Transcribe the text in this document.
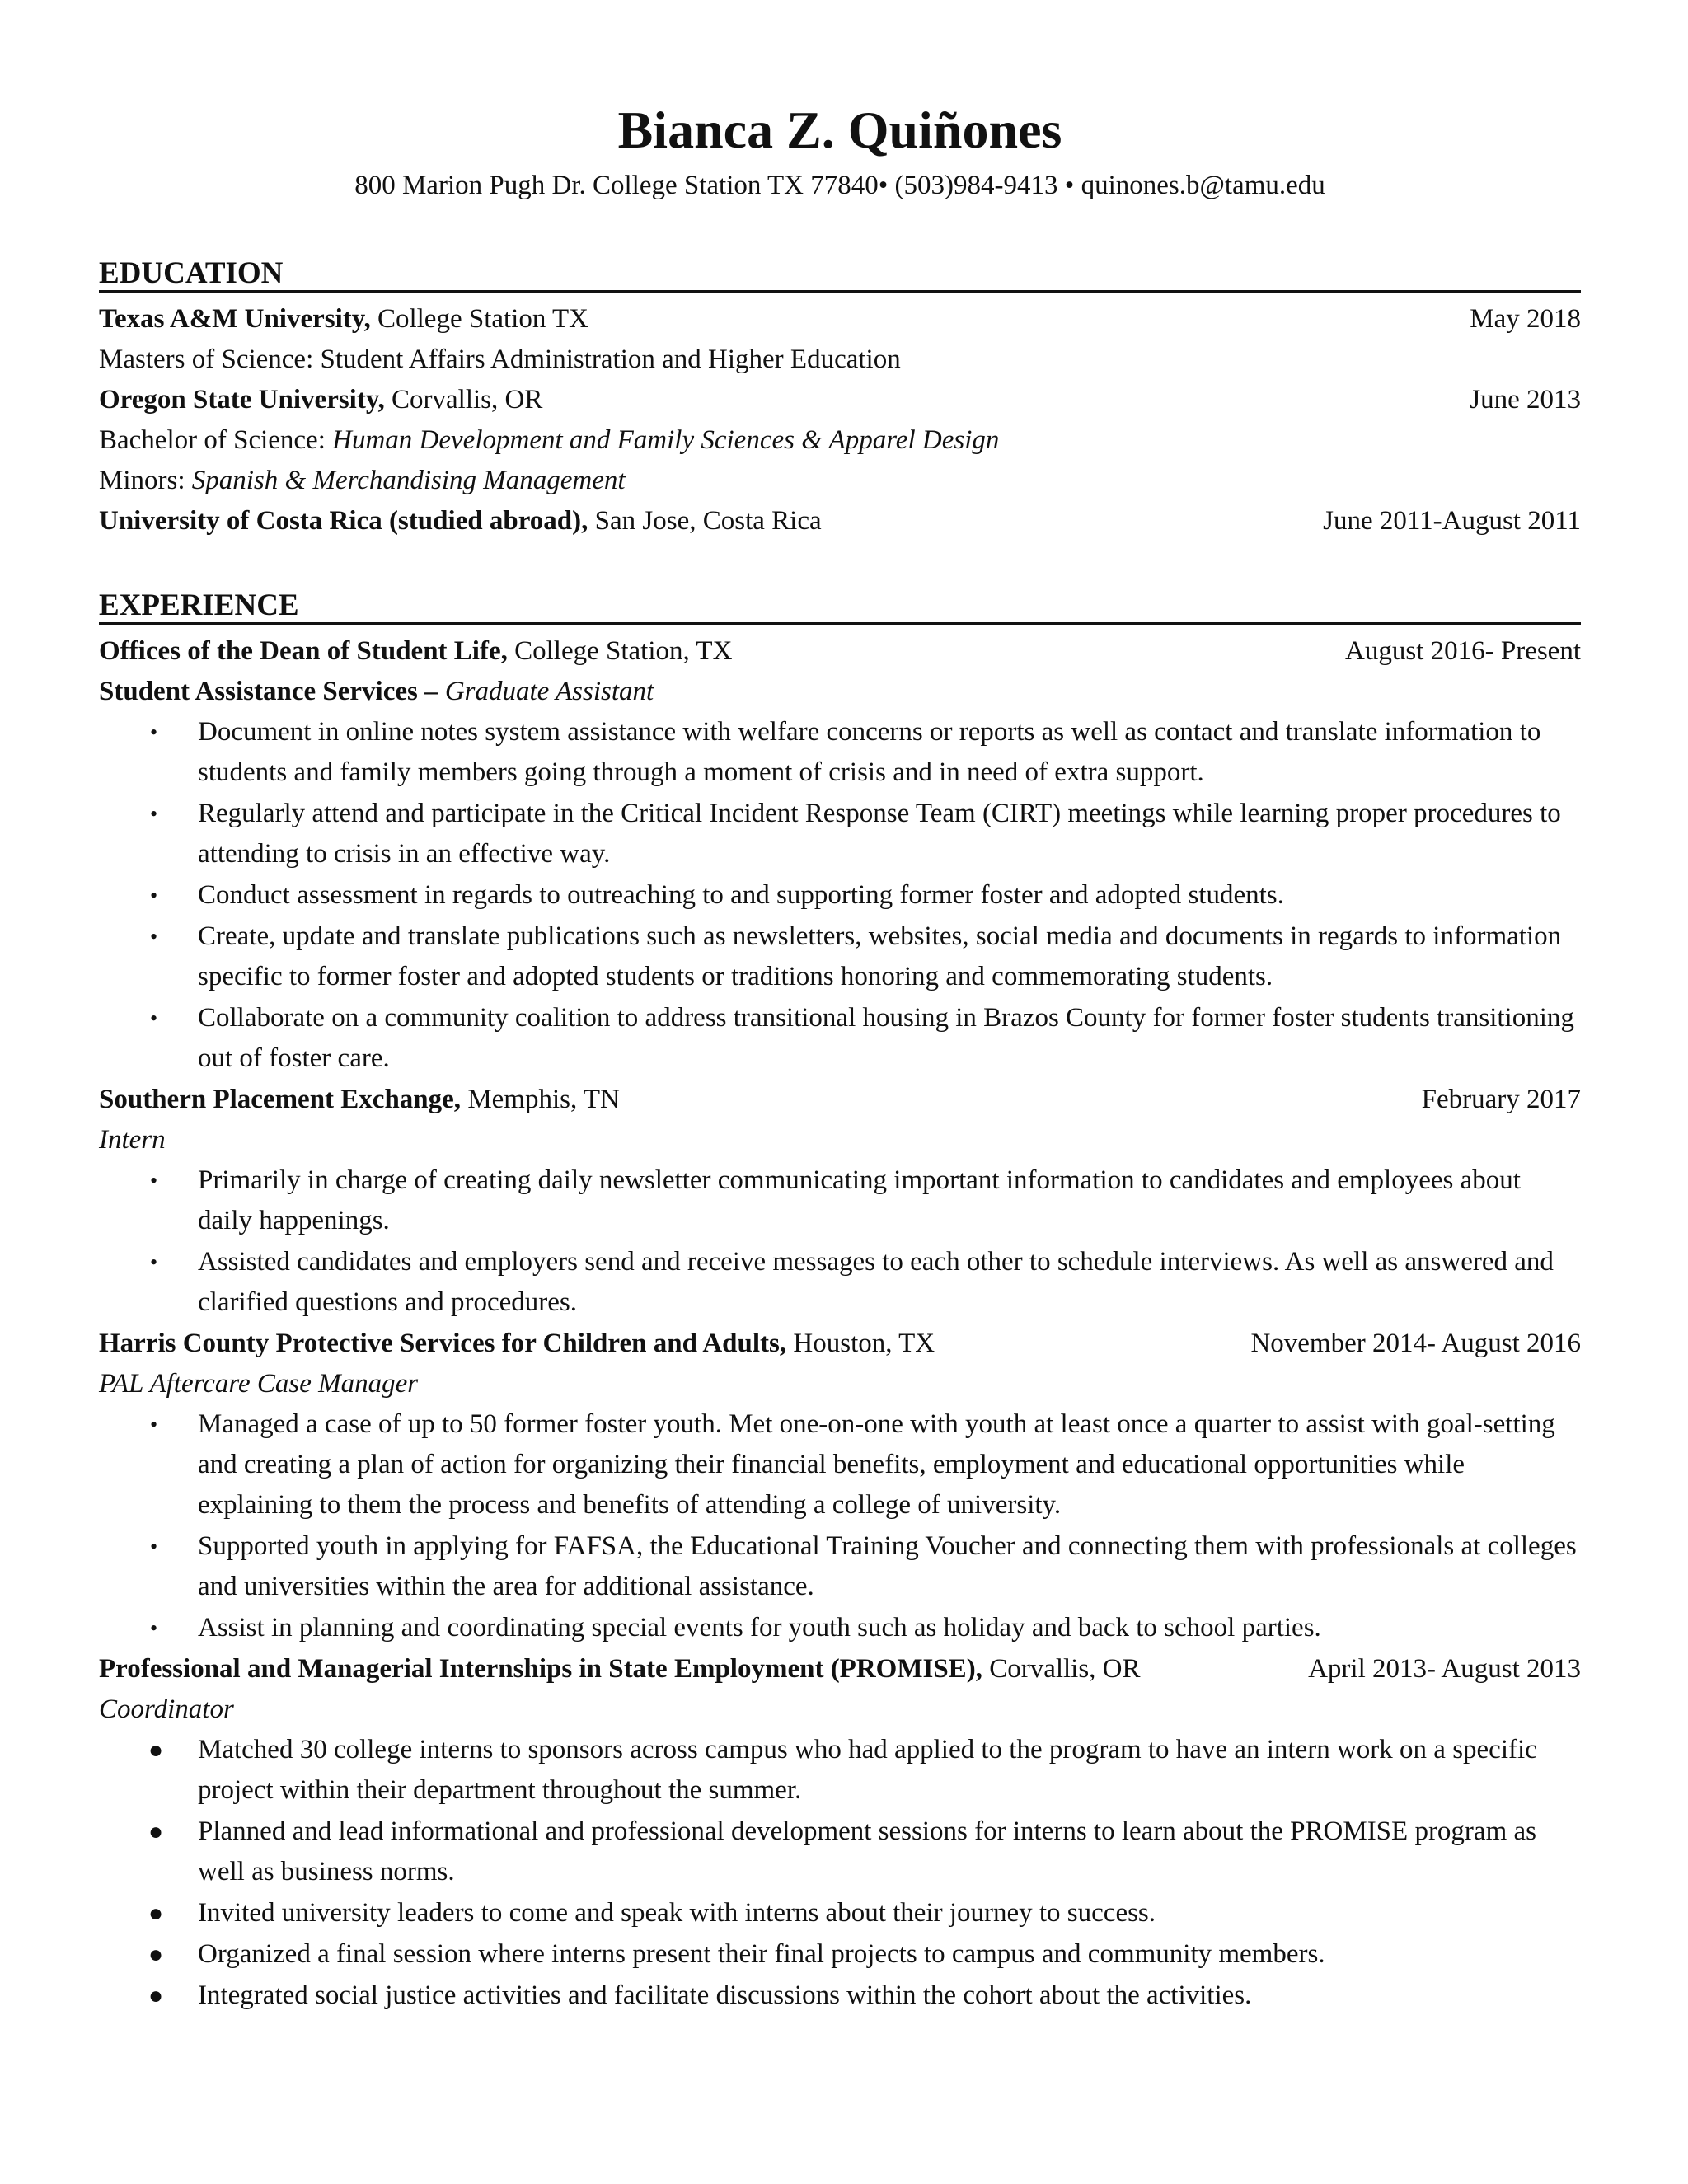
Bianca Z. Quiñones

800 Marion Pugh Dr. College Station TX 77840• (503)984-9413 • quinones.b@tamu.edu

EDUCATION
Texas A&M University, College Station TX	May 2018
Masters of Science: Student Affairs Administration and Higher Education
Oregon State University, Corvallis, OR	June 2013
Bachelor of Science: Human Development and Family Sciences & Apparel Design
Minors: Spanish & Merchandising Management
University of Costa Rica (studied abroad), San Jose, Costa Rica	June 2011-August 2011
EXPERIENCE
Offices of the Dean of Student Life, College Station, TX	August 2016- Present
Student Assistance Services – Graduate Assistant
• Document in online notes system assistance with welfare concerns or reports as well as contact and translate information to students and family members going through a moment of crisis and in need of extra support.
• Regularly attend and participate in the Critical Incident Response Team (CIRT) meetings while learning proper procedures to attending to crisis in an effective way.
• Conduct assessment in regards to outreaching to and supporting former foster and adopted students.
• Create, update and translate publications such as newsletters, websites, social media and documents in regards to information specific to former foster and adopted students or traditions honoring and commemorating students.
• Collaborate on a community coalition to address transitional housing in Brazos County for former foster students transitioning out of foster care.
Southern Placement Exchange, Memphis, TN	February 2017
Intern
• Primarily in charge of creating daily newsletter communicating important information to candidates and employees about daily happenings.
• Assisted candidates and employers send and receive messages to each other to schedule interviews. As well as answered and clarified questions and procedures.
Harris County Protective Services for Children and Adults, Houston, TX	November 2014- August 2016
PAL Aftercare Case Manager
• Managed a case of up to 50 former foster youth. Met one-on-one with youth at least once a quarter to assist with goal-setting and creating a plan of action for organizing their financial benefits, employment and educational opportunities while explaining to them the process and benefits of attending a college of university.
• Supported youth in applying for FAFSA, the Educational Training Voucher and connecting them with professionals at colleges and universities within the area for additional assistance.
• Assist in planning and coordinating special events for youth such as holiday and back to school parties.
Professional and Managerial Internships in State Employment (PROMISE), Corvallis, OR	April 2013- August 2013
Coordinator
● Matched 30 college interns to sponsors across campus who had applied to the program to have an intern work on a specific project within their department throughout the summer.
● Planned and lead informational and professional development sessions for interns to learn about the PROMISE program as well as business norms.
● Invited university leaders to come and speak with interns about their journey to success.
● Organized a final session where interns present their final projects to campus and community members.
● Integrated social justice activities and facilitate discussions within the cohort about the activities.
